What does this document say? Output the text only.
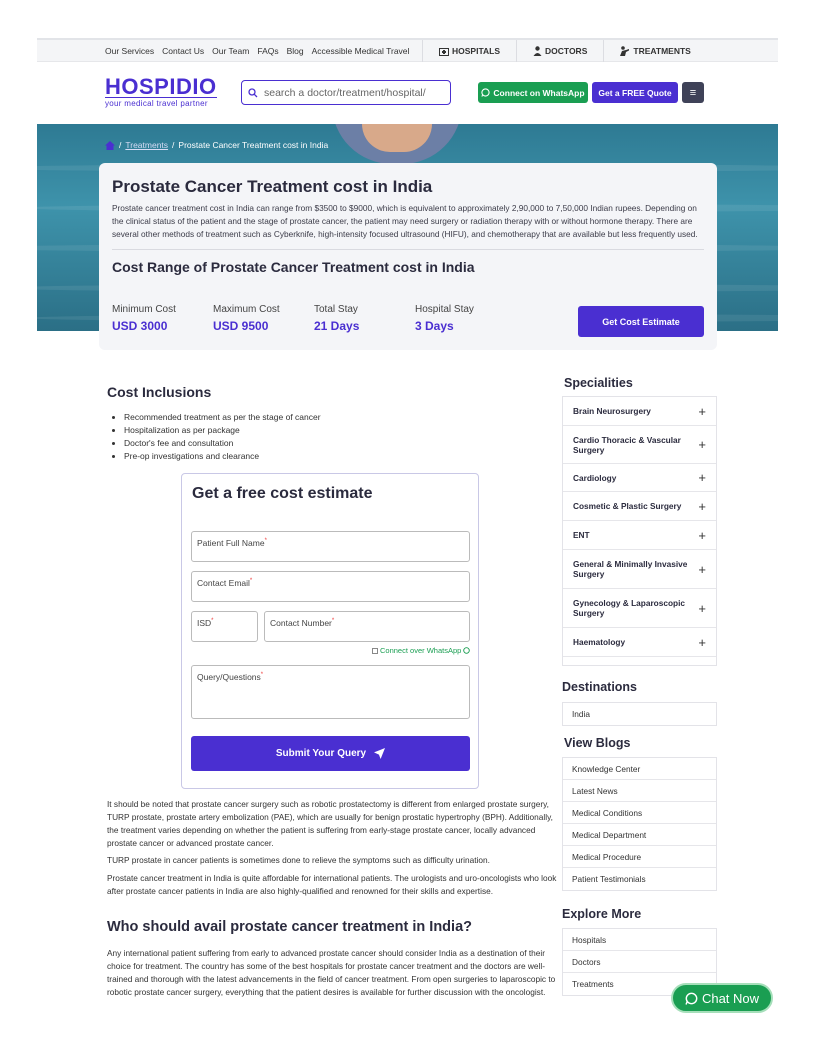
Our Services Contact Us Our Team FAQs Blog Accessible Medical Travel	HOSPITALS	DOCTORS	TREATMENTS
HOSPIDIO
your medical travel partner
search a doctor/treatment/hospital/	Connect on WhatsApp	Get a FREE Quote	≡
/ Treatments / Prostate Cancer Treatment cost in India
Prostate Cancer Treatment cost in India

Prostate cancer treatment cost in India can range from $3500 to $9000, which is equivalent to approximately 2,90,000 to 7,50,000 Indian rupees. Depending on the clinical status of the patient and the stage of prostate cancer, the patient may need surgery or radiation therapy with or without hormone therapy. There are several other methods of treatment such as Cyberknife, high-intensity focused ultrasound (HIFU), and chemotherapy that are available but less frequently used.

Cost Range of Prostate Cancer Treatment cost in India
Minimum Cost
USD 3000
Maximum Cost
USD 9500
Total Stay
21 Days
Hospital Stay
3 Days	Get Cost Estimate
Cost Inclusions
• Recommended treatment as per the stage of cancer
• Hospitalization as per package
• Doctor's fee and consultation
• Pre-op investigations and clearance
Get a free cost estimate
Patient Full Name*
Contact Email*
ISD*	Contact Number*
Connect over WhatsApp
Query/Questions*
Submit Your Query

It should be noted that prostate cancer surgery such as robotic prostatectomy is different from enlarged prostate surgery, TURP prostate, prostate artery embolization (PAE), which are usually for benign prostatic hypertrophy (BPH). Additionally, the treatment varies depending on whether the patient is suffering from early-stage prostate cancer, locally advanced prostate cancer or advanced prostate cancer.

TURP prostate in cancer patients is sometimes done to relieve the symptoms such as difficulty urination.

Prostate cancer treatment in India is quite affordable for international patients. The urologists and uro-oncologists who look after prostate cancer patients in India are also highly-qualified and renowned for their skills and expertise.

Who should avail prostate cancer treatment in India?

Any international patient suffering from early to advanced prostate cancer should consider India as a destination of their choice for treatment. The country has some of the best hospitals for prostate cancer treatment and the doctors are well-trained and thorough with the latest advancements in the field of cancer treatment. From open surgeries to laparoscopic to robotic prostate cancer surgery, everything that the patient desires is available for further discussion with the oncologist.

Specialities
Brain Neurosurgery	+
Cardio Thoracic & Vascular Surgery	+
Cardiology	+
Cosmetic & Plastic Surgery +
ENT	+
General & Minimally Invasive Surgery	+
Gynecology & Laparoscopic Surgery	+
Haematology	+
Destinations
India
View Blogs
Knowledge Center
Latest News
Medical Conditions
Medical Department
Medical Procedure
Patient Testimonials
Explore More
Hospitals
Doctors
Treatments
Chat Now
